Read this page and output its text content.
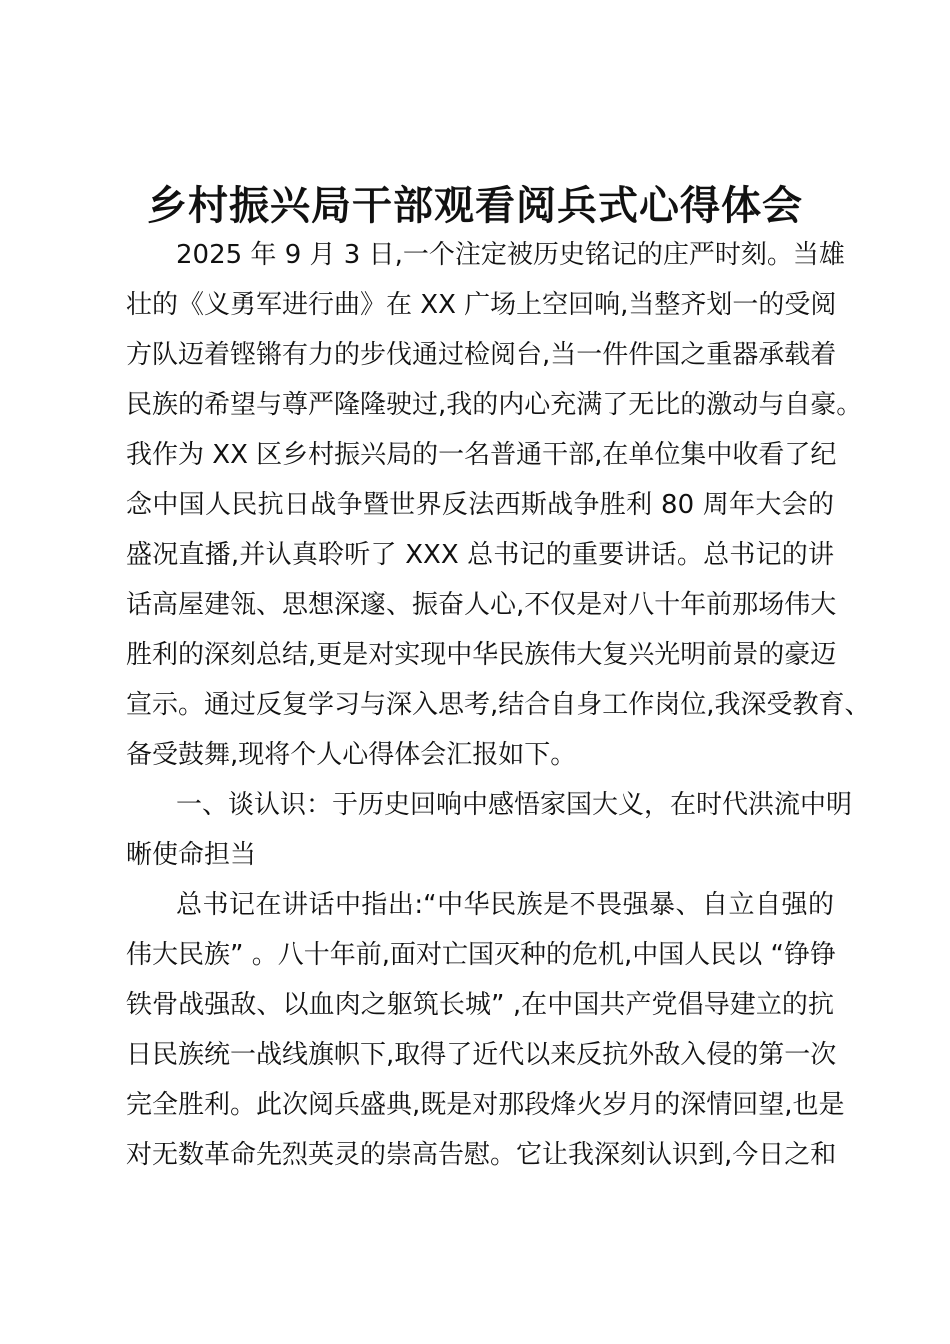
乡村振兴局干部观看阅兵式心得体会

2025 年 9 月 3 日,一个注定被历史铭记的庄严时刻。当雄

壮的《义勇军进行曲》在 XX 广场上空回响,当整齐划一的受阅

方队迈着铿锵有力的步伐通过检阅台,当一件件国之重器承载着

民族的希望与尊严隆隆驶过,我的内心充满了无比的激动与自豪。

我作为 XX 区乡村振兴局的一名普通干部,在单位集中收看了纪

念中国人民抗日战争暨世界反法西斯战争胜利 80 周年大会的

盛况直播,并认真聆听了 XXX 总书记的重要讲话。总书记的讲

话高屋建瓴、思想深邃、振奋人心,不仅是对八十年前那场伟大

胜利的深刻总结,更是对实现中华民族伟大复兴光明前景的豪迈

宣示。通过反复学习与深入思考,结合自身工作岗位,我深受教育、

备受鼓舞,现将个人心得体会汇报如下。

一、谈认识：于历史回响中感悟家国大义，在时代洪流中明

晰使命担当

总书记在讲话中指出:“中华民族是不畏强暴、自立自强的

伟大民族” 。八十年前,面对亡国灭种的危机,中国人民以 “铮铮

铁骨战强敌、以血肉之躯筑长城” ,在中国共产党倡导建立的抗

日民族统一战线旗帜下,取得了近代以来反抗外敌入侵的第一次

完全胜利。此次阅兵盛典,既是对那段烽火岁月的深情回望,也是

对无数革命先烈英灵的崇高告慰。它让我深刻认识到,今日之和
